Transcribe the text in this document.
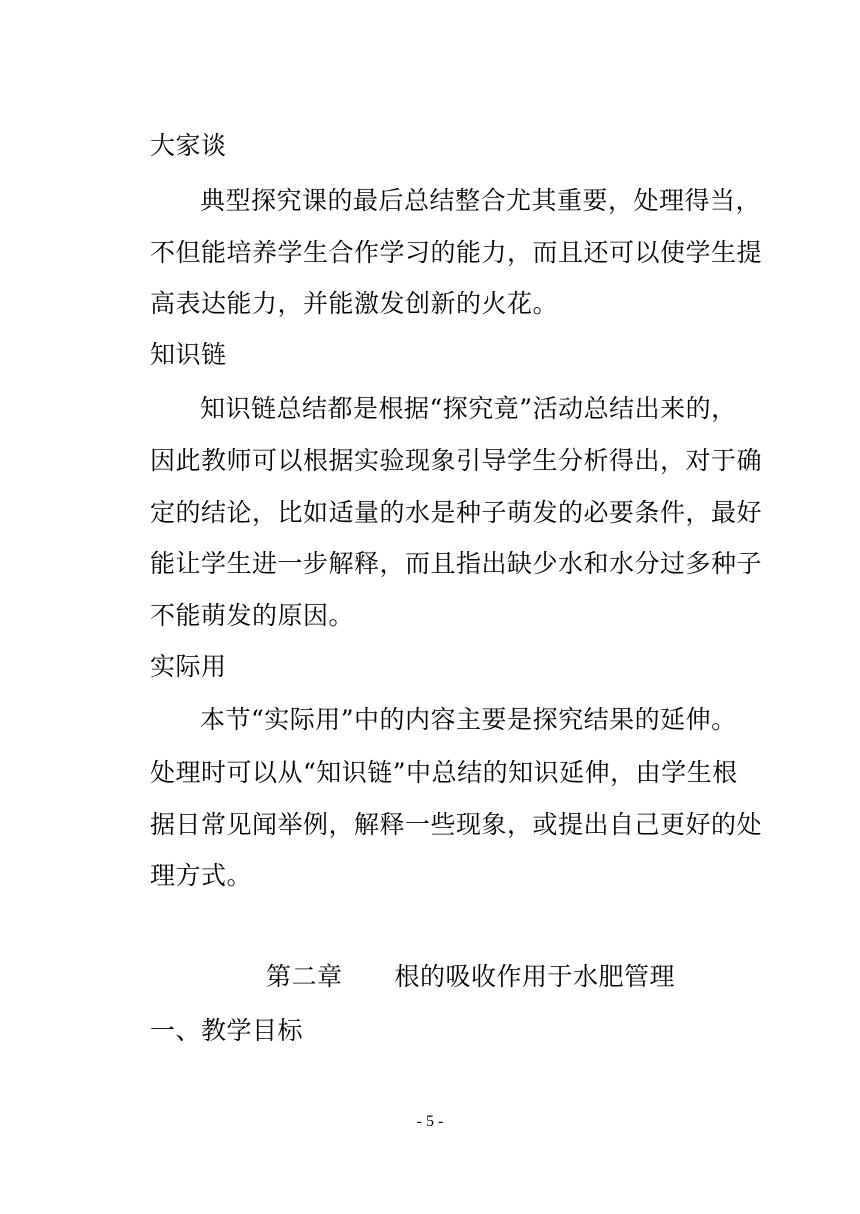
大家谈
典型探究课的最后总结整合尤其重要，处理得当，
不但能培养学生合作学习的能力，而且还可以使学生提
高表达能力，并能激发创新的火花。
知识链
知识链总结都是根据“探究竟”活动总结出来的，
因此教师可以根据实验现象引导学生分析得出，对于确
定的结论，比如适量的水是种子萌发的必要条件，最好
能让学生进一步解释，而且指出缺少水和水分过多种子
不能萌发的原因。
实际用
本节“实际用”中的内容主要是探究结果的延伸。
处理时可以从“知识链”中总结的知识延伸，由学生根
据日常见闻举例，解释一些现象，或提出自己更好的处
理方式。
第二章 根的吸收作用于水肥管理
一、教学目标
- 5 -
